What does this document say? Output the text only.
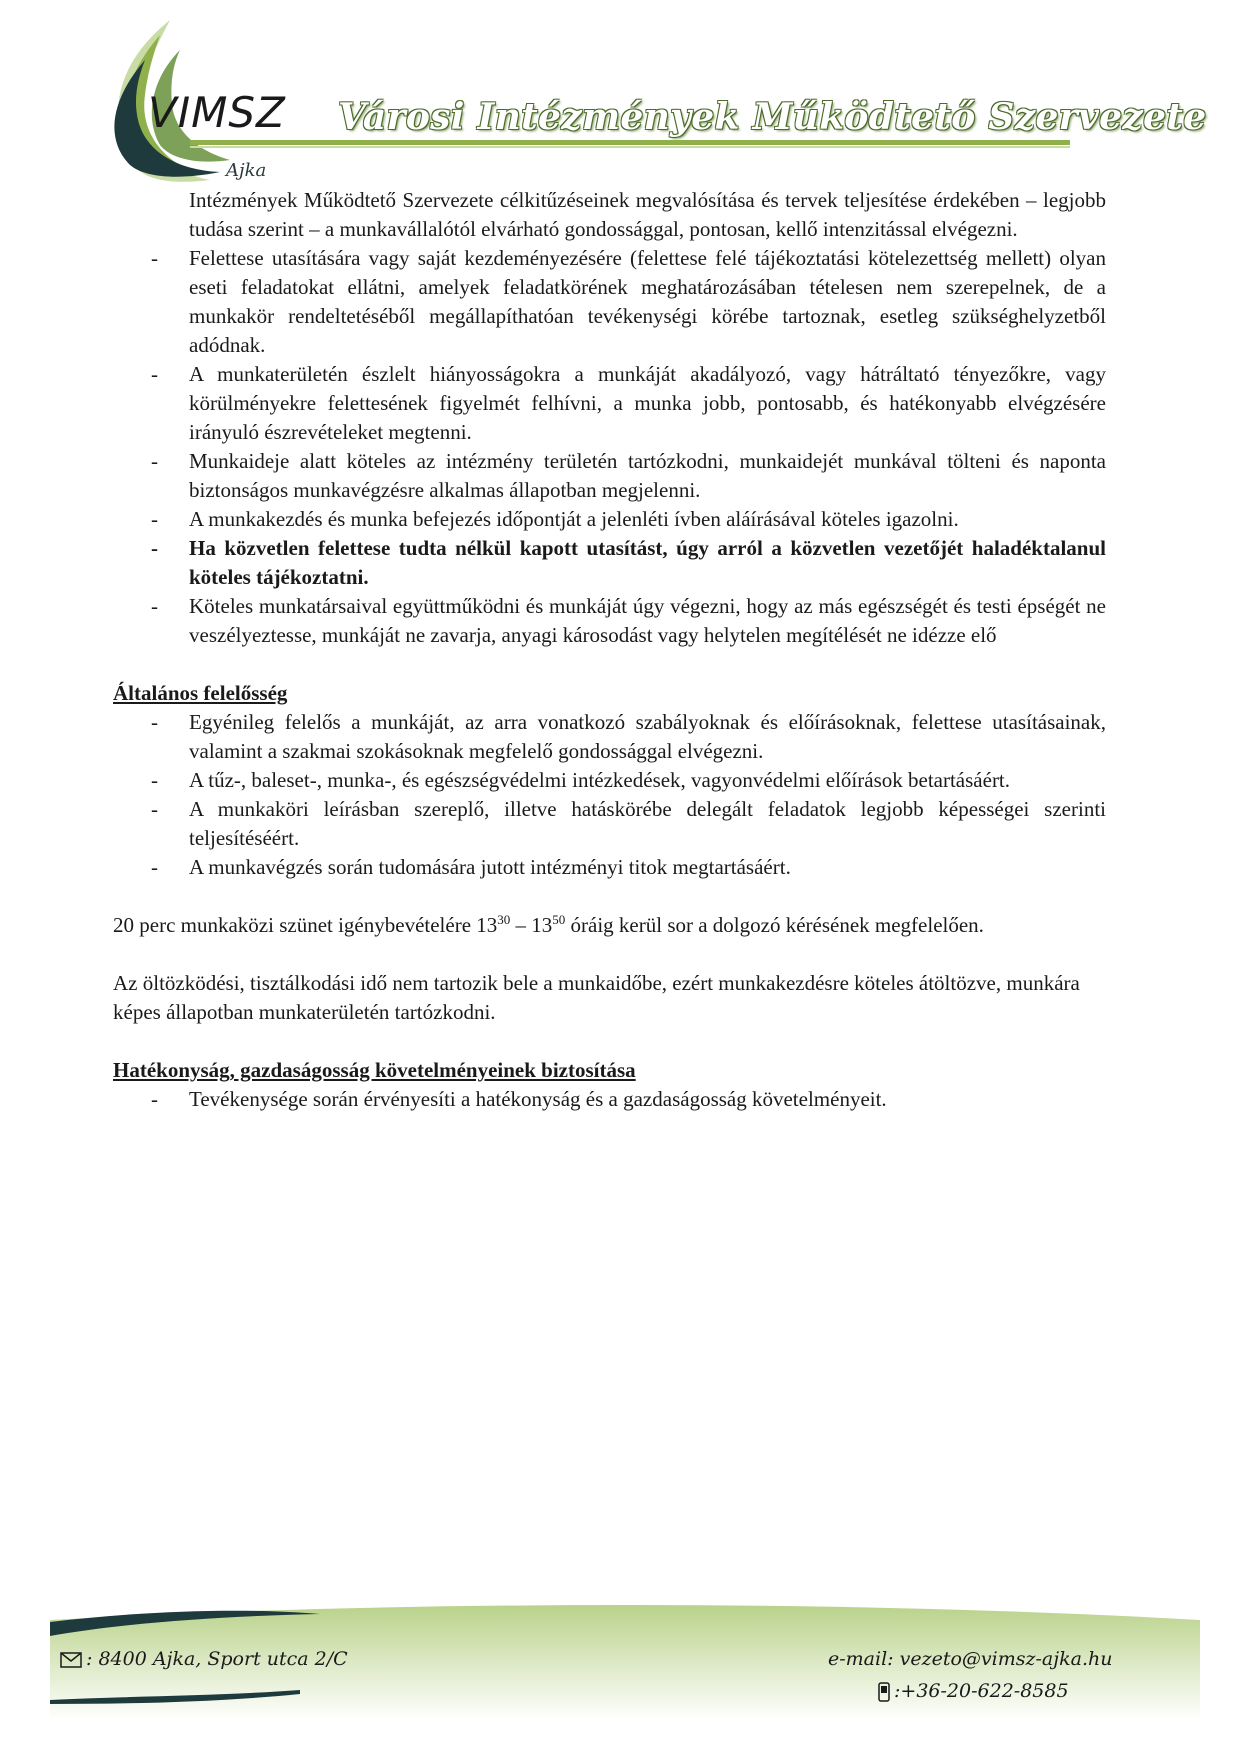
VIMSZ
Ajka
Városi Intézmények Működtető Szervezete

Intézmények Működtető Szervezete célkitűzéseinek megvalósítása és tervek teljesítése érdekében – legjobb tudása szerint – a munkavállalótól elvárható gondossággal, pontosan, kellő intenzitással elvégezni.

- Felettese utasítására vagy saját kezdeményezésére (felettese felé tájékoztatási kötelezettség mellett) olyan eseti feladatokat ellátni, amelyek feladatkörének meghatározásában tételesen nem szerepelnek, de a munkakör rendeltetéséből megállapíthatóan tevékenységi körébe tartoznak, esetleg szükséghelyzetből adódnak.
- A munkaterületén észlelt hiányosságokra a munkáját akadályozó, vagy hátráltató tényezőkre, vagy körülményekre felettesének figyelmét felhívni, a munka jobb, pontosabb, és hatékonyabb elvégzésére irányuló észrevételeket megtenni.
- Munkaideje alatt köteles az intézmény területén tartózkodni, munkaidejét munkával tölteni és naponta biztonságos munkavégzésre alkalmas állapotban megjelenni.
- A munkakezdés és munka befejezés időpontját a jelenléti ívben aláírásával köteles igazolni.
- Ha közvetlen felettese tudta nélkül kapott utasítást, úgy arról a közvetlen vezetőjét haladéktalanul köteles tájékoztatni.
- Köteles munkatársaival együttműködni és munkáját úgy végezni, hogy az más egészségét és testi épségét ne veszélyeztesse, munkáját ne zavarja, anyagi károsodást vagy helytelen megítélését ne idézze elő

Általános felelősség

- Egyénileg felelős a munkáját, az arra vonatkozó szabályoknak és előírásoknak, felettese utasításainak, valamint a szakmai szokásoknak megfelelő gondossággal elvégezni.
- A tűz-, baleset-, munka-, és egészségvédelmi intézkedések, vagyonvédelmi előírások betartásáért.
- A munkaköri leírásban szereplő, illetve hatáskörébe delegált feladatok legjobb képességei szerinti teljesítéséért.
- A munkavégzés során tudomására jutott intézményi titok megtartásáért.

20 perc munkaközi szünet igénybevételére $13^{30} - 13^{50}$ óráig kerül sor a dolgozó kérésének megfelelően.

Az öltözködési, tisztálkodási idő nem tartozik bele a munkaidőbe, ezért munkakezdésre köteles átöltözve, munkára képes állapotban munkaterületén tartózkodni.

Hatékonyság, gazdaságosság követelményeinek biztosítása

- Tevékenysége során érvényesíti a hatékonyság és a gazdaságosság követelményeit.
: 8400 Ajka, Sport utca 2/C	e-mail: vezeto@vimsz-ajka.hu
:+36-20-622-8585
